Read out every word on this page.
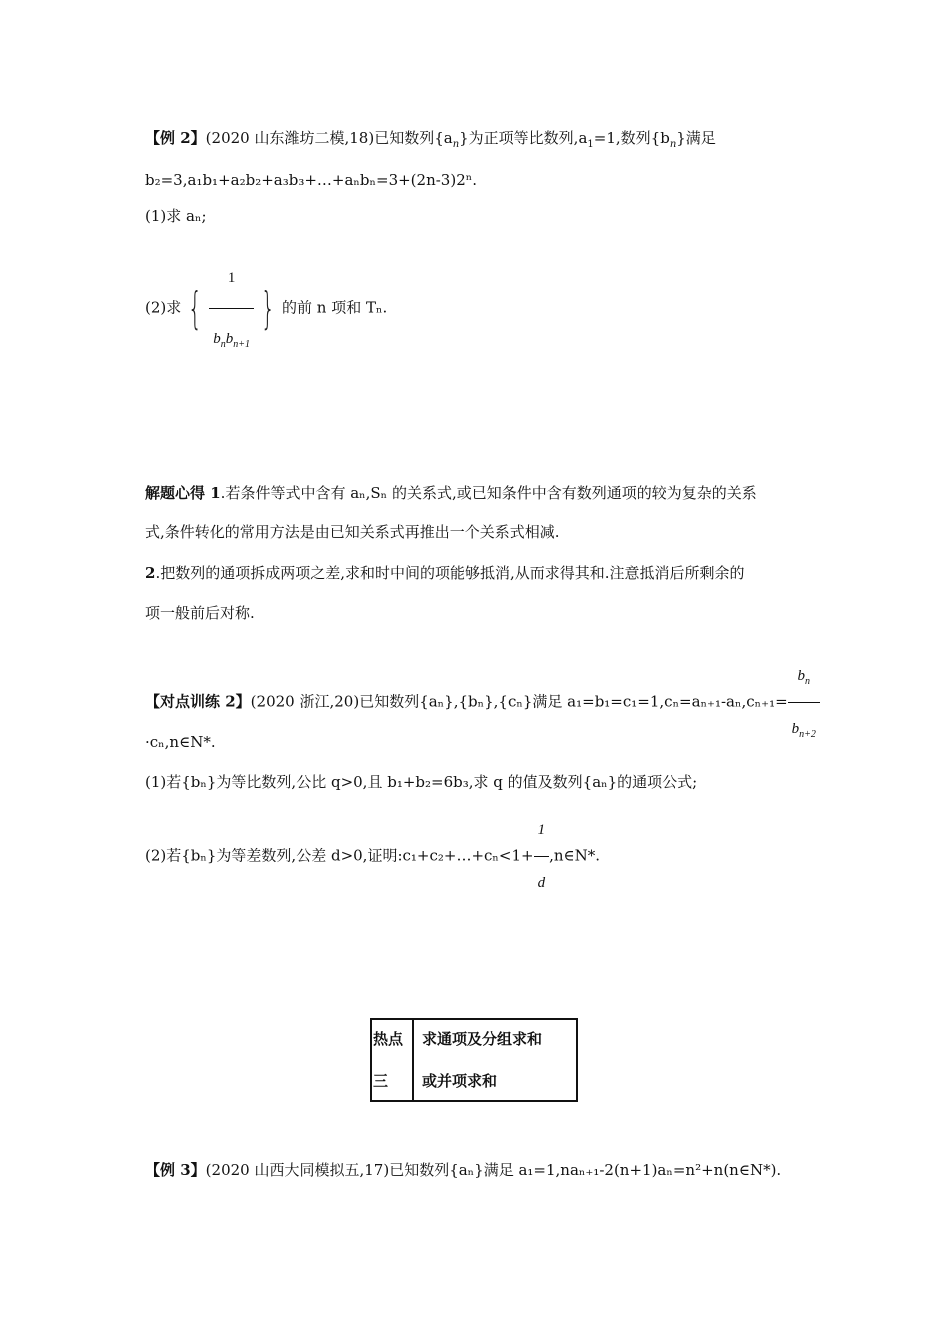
【例 2】(2020 山东潍坊二模,18)已知数列$\{a_n\}$为正项等比数列$,a_1=1$,数列$\{b_n\}$满足
b₂=3,a₁b₁+a₂b₂+a₃b₃+…+aₙbₙ=3+(2n-3)2ⁿ.
(1)求 aₙ;
(2)求 { $\frac{1}{b_nb_{n+1}}$ } 的前 n 项和 Tₙ.
解题心得 1.若条件等式中含有 aₙ,Sₙ 的关系式,或已知条件中含有数列通项的较为复杂的关系
式,条件转化的常用方法是由已知关系式再推出一个关系式相减.
2.把数列的通项拆成两项之差,求和时中间的项能够抵消,从而求得其和.注意抵消后所剩余的
项一般前后对称.
【对点训练 2】(2020 浙江,20)已知数列{aₙ},{bₙ},{cₙ}满足 $a_1=b_1=c_1=1,c_n=a_{n+1}-a_n,c_{n+1}= \frac{b_n}{b_{n+2}}$
·cₙ,n∈N*.
(1)若{bₙ}为等比数列,公比 q>0,且 b₁+b₂=6b₃,求 q 的值及数列{aₙ}的通项公式;
(2)若{bₙ}为等差数列,公差 d>0,证明:c₁+c₂+…+cₙ<1+ $\frac{1}{d}$ ,n∈N*.
热点
三
求通项及分组求和
或并项求和
【例 3】(2020 山西大同模拟五,17)已知数列{aₙ}满足 a₁=1,naₙ₊₁-2(n+1)aₙ=n²+n(n∈N*).
